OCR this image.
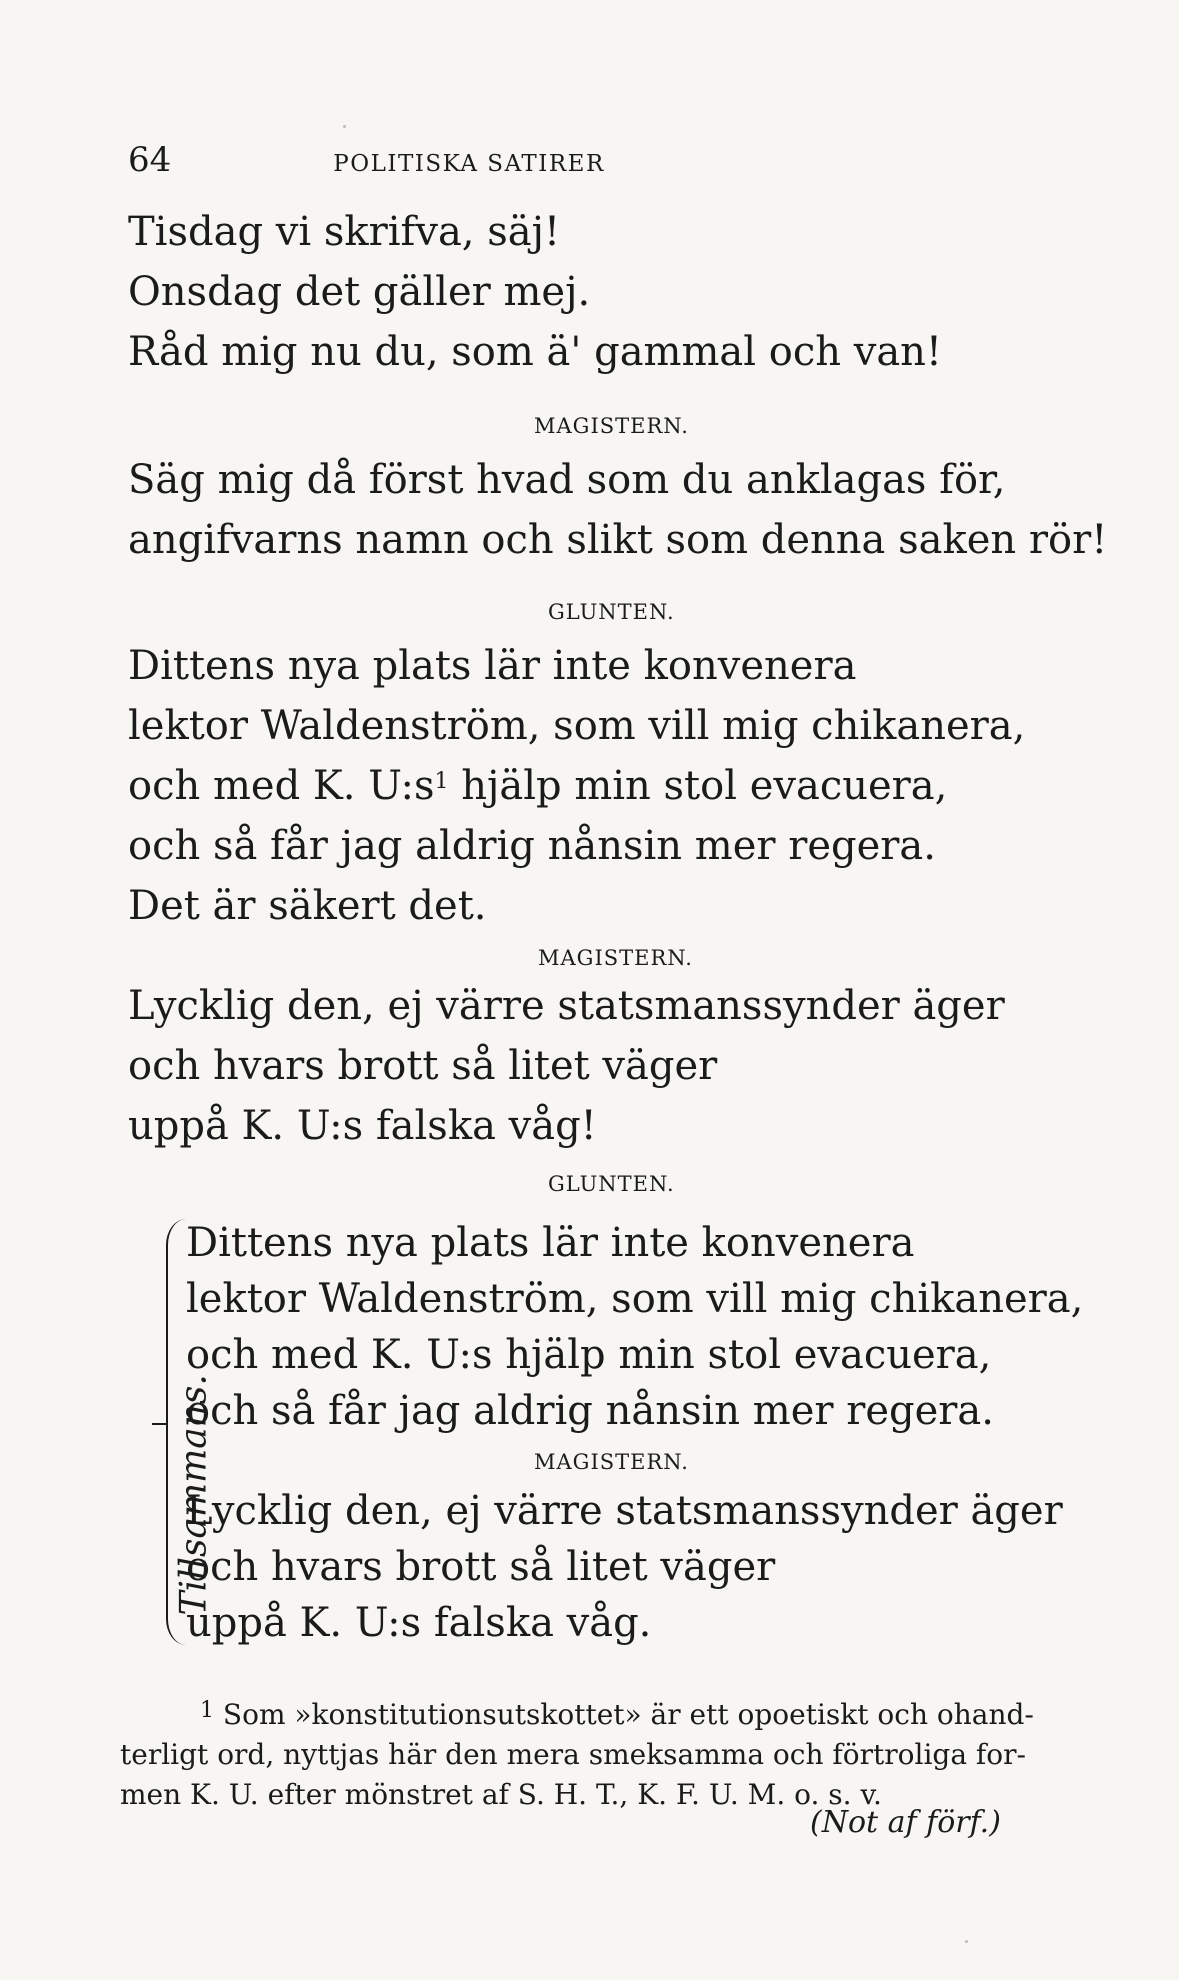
64	POLITISKA SATIRER
Tisdag vi skrifva, säj!
Onsdag det gäller mej.
Råd mig nu du, som ä' gammal och van!
MAGISTERN.
Säg mig då först hvad som du anklagas för,
angifvarns namn och slikt som denna saken rör!
GLUNTEN.
Dittens nya plats lär inte konvenera
lektor Waldenström, som vill mig chikanera,
och med K. $U:s^1$ hjälp min stol evacuera,
och så får jag aldrig nånsin mer regera.
Det är säkert det.
MAGISTERN.
Lycklig den, ej värre statsmanssynder äger
och hvars brott så litet väger
uppå K. U:s falska våg!
GLUNTEN.
Tillsammans.
Dittens nya plats lär inte konvenera
lektor Waldenström, som vill mig chikanera,
och med K. U:s hjälp min stol evacuera,
och så får jag aldrig nånsin mer regera.
MAGISTERN.
Lycklig den, ej värre statsmanssynder äger
och hvars brott så litet väger
uppå K. U:s falska våg.
$^1$ Som »konstitutionsutskottet» är ett opoetiskt och ohand-
terligt ord, nyttjas här den mera smeksamma och förtroliga for-
men K. U. efter mönstret af S. H. T., K. F. U. M. o. s. v.
(Not af förf.)
